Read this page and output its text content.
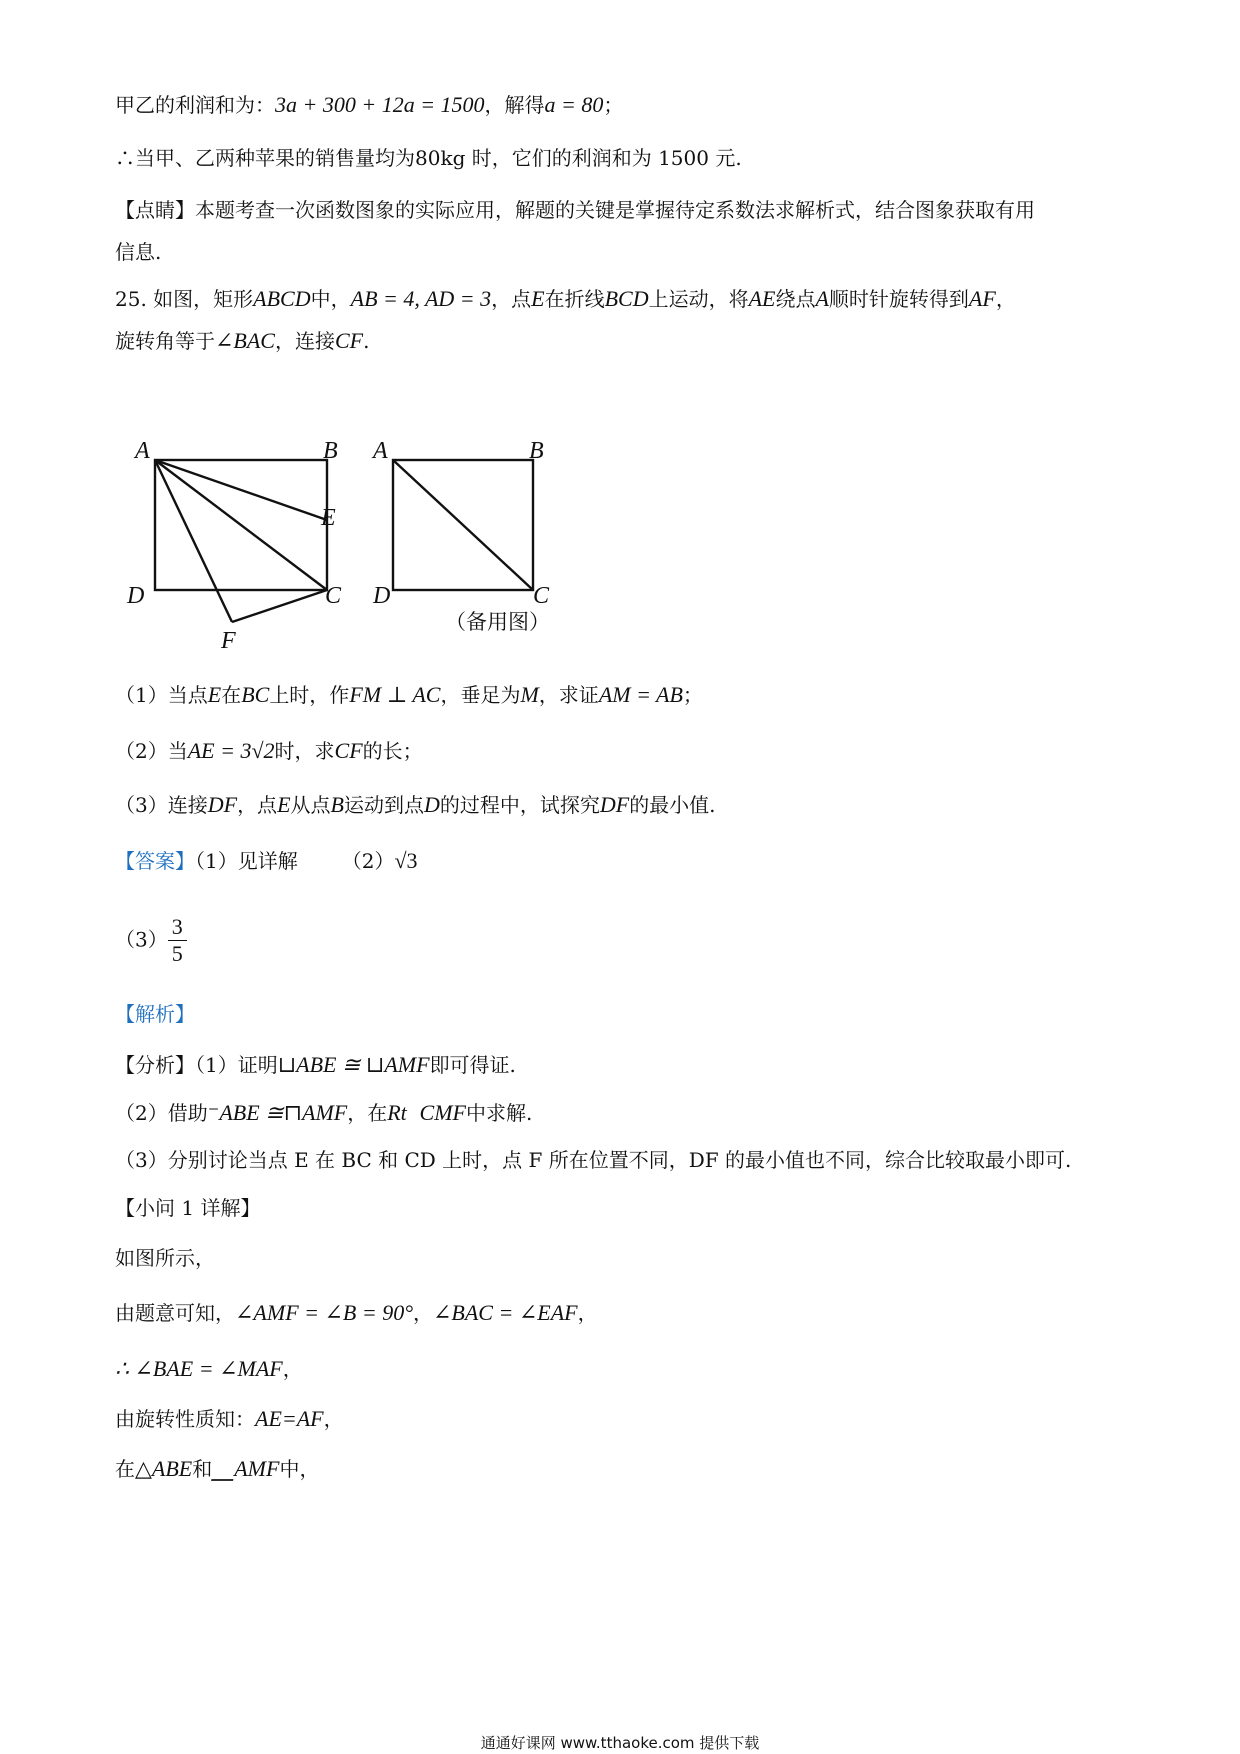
甲乙的利润和为：3a + 300 + 12a = 1500，解得a = 80；
∴当甲、乙两种苹果的销售量均为80kg 时，它们的利润和为 1500 元.
【点睛】本题考查一次函数图象的实际应用，解题的关键是掌握待定系数法求解析式，结合图象获取有用
信息.
25. 如图，矩形ABCD中，AB = 4, AD = 3，点E在折线BCD上运动，将AE绕点A顺时针旋转得到AF，
旋转角等于∠BAC，连接CF.
A	B
E
C
D
F
A	B
C
D
（备用图）
（1）当点E在BC上时，作FM ⊥ AC，垂足为M，求证AM = AB；
（2）当AE = 3√2时，求CF的长；
（3）连接DF，点E从点B运动到点D的过程中，试探究DF的最小值.
【答案】（1）见详解 （2）√3
$(3) \frac{3}{5}$
【解析】
【分析】（1）证明⊔ABE ≅ ⊔AMF即可得证.
（2）借助⁻ABE ≅⊓AMF，在Rt CMF中求解.
（3）分别讨论当点 E 在 BC 和 CD 上时，点 F 所在位置不同，DF 的最小值也不同，综合比较取最小即可.
【小问 1 详解】
如图所示，
由题意可知，∠AMF = ∠B = 90°，∠BAC = ∠EAF，
∴ ∠BAE = ∠MAF，
由旋转性质知：AE=AF，
在△ABE和⎽AMF中，
通通好课网 www.tthaoke.com 提供下载
